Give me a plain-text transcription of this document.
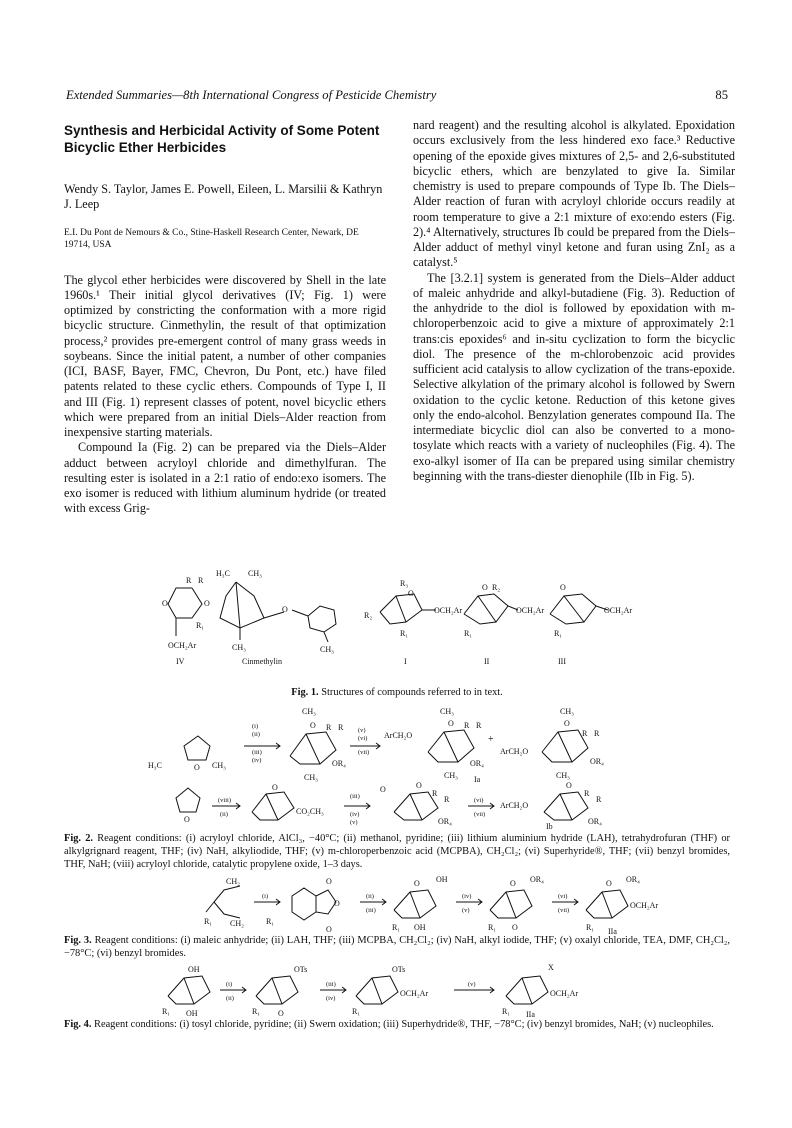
Extended Summaries—8th International Congress of Pesticide Chemistry	85
Synthesis and Herbicidal Activity of Some Potent Bicyclic Ether Herbicides
Wendy S. Taylor, James E. Powell, Eileen, L. Marsilii & Kathryn J. Leep
E.I. Du Pont de Nemours & Co., Stine-Haskell Research Center, Newark, DE 19714, USA

The glycol ether herbicides were discovered by Shell in the late 1960s.¹ Their initial glycol derivatives (IV; Fig. 1) were optimized by constricting the conformation with a more rigid bicyclic structure. Cinmethylin, the result of that optimization process,² provides pre-emergent control of many grass weeds in soybeans. Since the initial patent, a number of other companies (ICI, BASF, Bayer, FMC, Chevron, Du Pont, etc.) have filed patents related to these cyclic ethers. Compounds of Type I, II and III (Fig. 1) represent classes of potent, novel bicyclic ethers which were prepared from an initial Diels–Alder reaction from inexpensive starting materials.

Compound Ia (Fig. 2) can be prepared via the Diels–Alder adduct between acryloyl chloride and dimethylfuran. The resulting ester is isolated in a 2:1 ratio of endo:exo isomers. The exo isomer is reduced with lithium aluminum hydride (or treated with excess Grig-

nard reagent) and the resulting alcohol is alkylated. Epoxidation occurs exclusively from the less hindered exo face.³ Reductive opening of the epoxide gives mixtures of 2,5- and 2,6-substituted bicyclic ethers, which are benzylated to give Ia. Similar chemistry is used to prepare compounds of Type Ib. The Diels–Alder reaction of furan with acryloyl chloride occurs readily at room temperature to give a 2:1 mixture of exo:endo esters (Fig. 2).⁴ Alternatively, structures Ib could be prepared from the Diels–Alder adduct of methyl vinyl ketone and furan using ZnI₂ as a catalyst.⁵

The [3.2.1] system is generated from the Diels–Alder adduct of maleic anhydride and alkyl-butadiene (Fig. 3). Reduction of the anhydride to the diol is followed by epoxidation with m-chloroperbenzoic acid to give a mixture of approximately 2:1 trans:cis epoxides⁶ and in-situ cyclization to form the bicyclic diol. The presence of the m-chlorobenzoic acid provides sufficient acid catalysis to allow cyclization of the trans-epoxide. Selective alkylation of the primary alcohol is followed by Swern oxidation to the cyclic ketone. Reduction of this ketone gives only the endo-alcohol. Benzylation generates compound IIa. The intermediate bicyclic diol can also be converted to a mono-tosylate which reacts with a variety of nucleophiles (Fig. 4). The exo-alkyl isomer of IIa can be prepared using similar chemistry beginning with the trans-diester dienophile (IIb in Fig. 5).

R R
O	O
R₁
OCH₂Ar
IV
H₃C CH₃
O
CH₃	CH₃
Cinmethylin
R₂
R₃
O
OCH₂Ar
R₁
I
O R₂
OCH₂Ar
R₁
II
O
OCH₂Ar
R₁
III
Fig. 1. Structures of compounds referred to in text.
H₃C	O CH₃
(i)
(ii)
(iii)
(iv)
CH₃
O R R
OR₄
CH₃
(v)
(vi)
(vii)
ArCH₂O
CH₃
O R R
OR₄
CH₃
+
Ia
ArCH₂O
CH₃
O
R R
OR₄
CH₃
O
(viii)
(ii)
O
CO₂CH₃
(iii)
(iv)
(v)
O	O
R
R
OR₄
(vi)
(vii)
ArCH₂O
O
R
R
OR₄
Ib
Fig. 2. Reagent conditions: (i) acryloyl chloride, AlCl₃, −40°C; (ii) methanol, pyridine; (iii) lithium aluminium hydride (LAH), tetrahydrofuran (THF) or alkylgrignard reagent, THF; (iv) NaH, alkyliodide, THF; (v) m-chloroperbenzoic acid (MCPBA), CH₂Cl₂; (vi) Superhyride®, THF; (vii) benzyl bromides, THF, NaH; (viii) acryloyl chloride, catalytic propylene oxide, 1–3 days.
CH₂
CH₂
R₁
(i)
R₁
O
O
O
(ii)
(iii)
O OH
R₁ OH
(iv)
(v)
O OR₄
R₁ O
(vi)
(vii)
O OR₄
OCH₂Ar
R₁ IIa
Fig. 3. Reagent conditions: (i) maleic anhydride; (ii) LAH, THF; (iii) MCPBA, CH₂Cl₂; (iv) NaH, alkyl iodide, THF; (v) oxalyl chloride, TEA, DMF, CH₂Cl₂, −78°C; (vi) benzyl bromides.
OH
R₁ OH
(i)
(ii)
OTs
R₁ O
(iii)
(iv)
OTs
OCH₂Ar
R₁
(v)
X
OCH₂Ar
R₁ IIa
Fig. 4. Reagent conditions: (i) tosyl chloride, pyridine; (ii) Swern oxidation; (iii) Superhydride®, THF, −78°C; (iv) benzyl bromides, NaH; (v) nucleophiles.
